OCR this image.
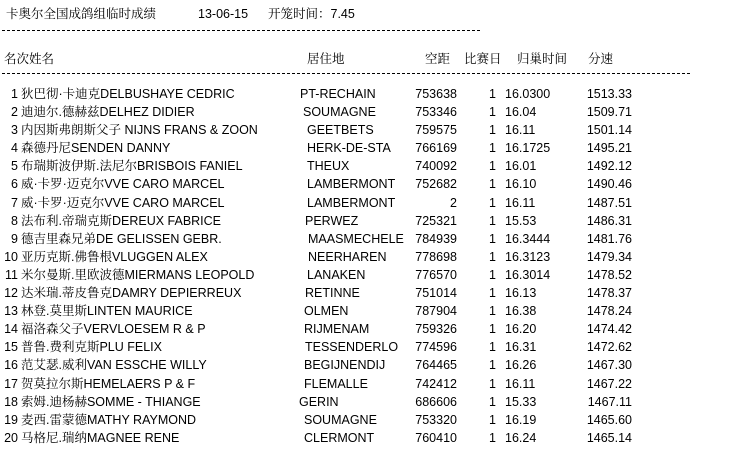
卡奥尔全国成鸽组临时成绩	13-06-15 开笼时间：7.45
名次姓名	居住地	空距 比赛日 归巢时间 分速
1 狄巴彻·卡迪克DELBUSHAYE CEDRIC	PT-RECHAIN	753638	1 16.0300	1513.33
2 迪迪尔.德赫兹DELHEZ DIDIER	SOUMAGNE	753346	1 16.04	1509.71
3 内因斯弗朗斯父子 NIJNS FRANS & ZOON	GEETBETS	759575	1 16.11	1501.14
4 森德丹尼SENDEN DANNY	HERK-DE-STA	766169	1 16.1725	1495.21
5 布瑞斯波伊斯.法尼尔BRISBOIS FANIEL	THEUX	740092	1 16.01	1492.12
6 威·卡罗·迈克尔VVE CARO MARCEL	LAMBERMONT	752682	1 16.10	1490.46
7 威·卡罗·迈克尔VVE CARO MARCEL	LAMBERMONT	2	1 16.11	1487.51
8 法布利.帝瑞克斯DEREUX FABRICE	PERWEZ	725321	1 15.53	1486.31
9 德吉里森兄弟DE GELISSEN GEBR.	MAASMECHELE 784939	1 16.3444	1481.76
10 亚历克斯.佛鲁根VLUGGEN ALEX	NEERHAREN	778698	1 16.3123	1479.34
11 米尔曼斯.里欧波德MIERMANS LEOPOLD	LANAKEN	776570	1 16.3014	1478.52
12 达米瑞.蒂皮鲁克DAMRY DEPIERREUX	RETINNE	751014	1 16.13	1478.37
13 林登.莫里斯LINTEN MAURICE	OLMEN	787904	1 16.38	1478.24
14 福洛森父子VERVLOESEM R & P	RIJMENAM	759326	1 16.20	1474.42
15 普鲁.费利克斯PLU FELIX	TESSENDERLO	774596	1 16.31	1472.62
16 范艾瑟.威利VAN ESSCHE WILLY	BEGIJNENDIJ	764465	1 16.26	1467.30
17 贺莫拉尔斯HEMELAERS P & F	FLEMALLE	742412	1 16.11	1467.22
18 索姆.迪杨赫SOMME - THIANGE	GERIN	686606	1 15.33	1467.11
19 麦西.雷蒙德MATHY RAYMOND	SOUMAGNE	753320	1 16.19	1465.60
20 马格尼.瑞纳MAGNEE RENE	CLERMONT	760410	1 16.24	1465.14
